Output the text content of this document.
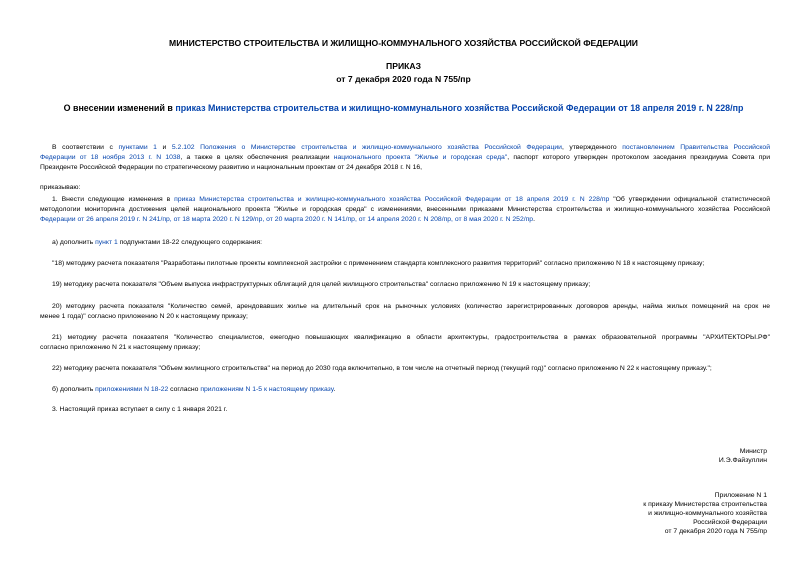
МИНИСТЕРСТВО СТРОИТЕЛЬСТВА И ЖИЛИЩНО-КОММУНАЛЬНОГО ХОЗЯЙСТВА РОССИЙСКОЙ ФЕДЕРАЦИИ
ПРИКАЗ
от 7 декабря 2020 года N 755/пр
О внесении изменений в приказ Министерства строительства и жилищно-коммунального хозяйства Российской Федерации от 18 апреля 2019 г. N 228/пр
В соответствии с пунктами 1 и 5.2.102 Положения о Министерстве строительства и жилищно-коммунального хозяйства Российской Федерации, утвержденного постановлением Правительства Российской
Федерации от 18 ноября 2013 г. N 1038, а также в целях обеспечения реализации национального проекта "Жилье и городская среда", паспорт которого утвержден протоколом заседания президиума Совета при
Президенте Российской Федерации по стратегическому развитию и национальным проектам от 24 декабря 2018 г. N 16,
приказываю:
1. Внести следующие изменения в приказ Министерства строительства и жилищно-коммунального хозяйства Российской Федерации от 18 апреля 2019 г. N 228/пр "Об утверждении официальной статистической
методологии мониторинга достижения целей национального проекта "Жилье и городская среда" с изменениями, внесенными приказами Министерства строительства и жилищно-коммунального хозяйства Российской
Федерации от 26 апреля 2019 г. N 241/пр, от 18 марта 2020 г. N 129/пр, от 20 марта 2020 г. N 141/пр, от 14 апреля 2020 г. N 208/пр, от 8 мая 2020 г. N 252/пр.
а) дополнить пункт 1 подпунктами 18-22 следующего содержания:
"18) методику расчета показателя "Разработаны пилотные проекты комплексной застройки с применением стандарта комплексного развития территорий" согласно приложению N 18 к настоящему приказу;
19) методику расчета показателя "Объем выпуска инфраструктурных облигаций для целей жилищного строительства" согласно приложению N 19 к настоящему приказу;
20) методику расчета показателя "Количество семей, арендовавших жилье на длительный срок на рыночных условиях (количество зарегистрированных договоров аренды, найма жилых помещений на срок не
менее 1 года)" согласно приложению N 20 к настоящему приказу;
21) методику расчета показателя "Количество специалистов, ежегодно повышающих квалификацию в области архитектуры, градостроительства в рамках образовательной программы "АРХИТЕКТОРЫ.РФ"
согласно приложению N 21 к настоящему приказу;
22) методику расчета показателя "Объем жилищного строительства" на период до 2030 года включительно, в том числе на отчетный период (текущий год)" согласно приложению N 22 к настоящему приказу.";
б) дополнить приложениями N 18-22 согласно приложениям N 1-5 к настоящему приказу.
3. Настоящий приказ вступает в силу с 1 января 2021 г.
Министр
И.Э.Файзуллин
Приложение N 1
к приказу Министерства строительства
и жилищно-коммунального хозяйства
Российской Федерации
от 7 декабря 2020 года N 755/пр
